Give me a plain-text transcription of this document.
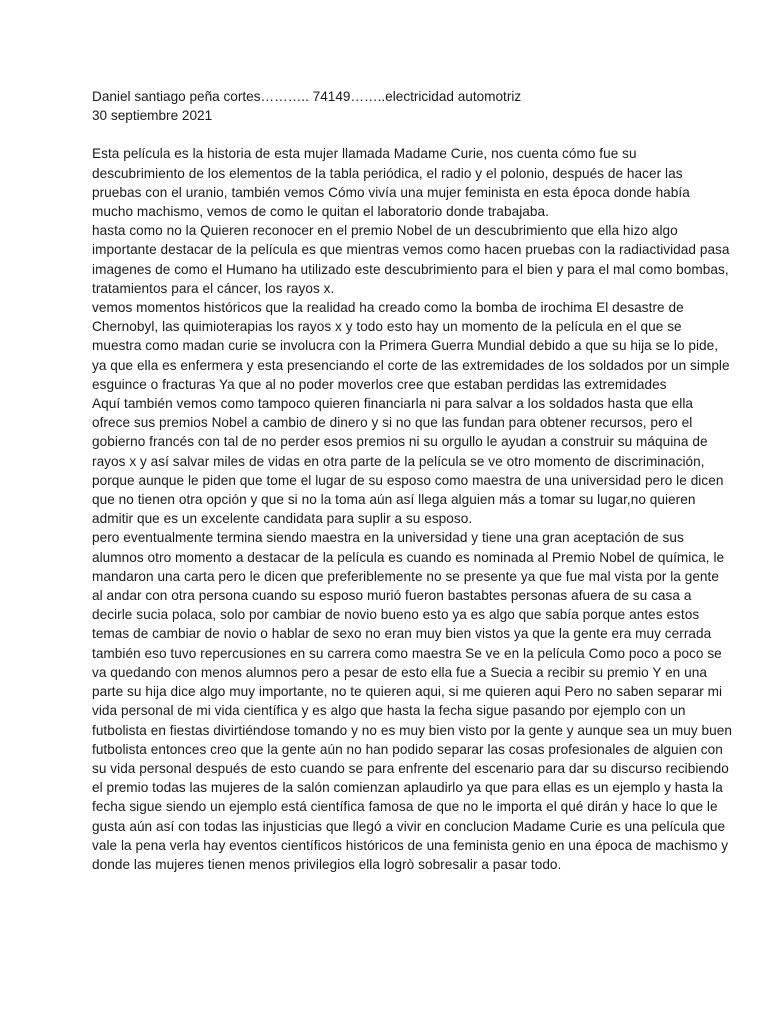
Daniel santiago peña cortes……….. 74149……..electricidad automotriz
30 septiembre 2021

Esta película es la historia de esta mujer llamada Madame Curie, nos cuenta cómo fue su descubrimiento de los elementos de la tabla periódica, el radio y el polonio, después de hacer las pruebas con el uranio, también vemos Cómo vivía una mujer feminista en esta época donde había mucho machismo, vemos de como le quitan el laboratorio donde trabajaba.

hasta como no la Quieren reconocer en el premio Nobel de un descubrimiento que ella hizo algo importante destacar de la película es que mientras vemos como hacen pruebas con la radiactividad pasa imagenes de como el Humano ha utilizado este descubrimiento para el bien y para el mal como bombas, tratamientos para el cáncer, los rayos x.

vemos momentos históricos que la realidad ha creado como la bomba de irochima El desastre de Chernobyl, las quimioterapias los rayos x y todo esto hay un momento de la película en el que se muestra como madan curie se involucra con la Primera Guerra Mundial debido a que su hija se lo pide, ya que ella es enfermera y esta presenciando el corte de las extremidades de los soldados por un simple esguince o fracturas Ya que al no poder moverlos cree que estaban perdidas las extremidades

Aquí también vemos como tampoco quieren financiarla ni para salvar a los soldados hasta que ella ofrece sus premios Nobel a cambio de dinero y si no que las fundan para obtener recursos, pero el gobierno francés con tal de no perder esos premios ni su orgullo le ayudan a construir su máquina de rayos x y así salvar miles de vidas en otra parte de la película se ve otro momento de discriminación, porque aunque le piden que tome el lugar de su esposo como maestra de una universidad pero le dicen que no tienen otra opción y que si no la toma aún así llega alguien más a tomar su lugar,no quieren admitir que es un excelente candidata para suplir a su esposo.

pero eventualmente termina siendo maestra en la universidad y tiene una gran aceptación de sus alumnos otro momento a destacar de la película es cuando es nominada al Premio Nobel de química, le mandaron una carta pero le dicen que preferiblemente no se presente ya que fue mal vista por la gente al andar con otra persona cuando su esposo murió fueron bastabtes personas afuera de su casa a decirle sucia polaca, solo por cambiar de novio bueno esto ya es algo que sabía porque antes estos temas de cambiar de novio o hablar de sexo no eran muy bien vistos ya que la gente era muy cerrada

también eso tuvo repercusiones en su carrera como maestra Se ve en la película Como poco a poco se va quedando con menos alumnos pero a pesar de esto ella fue a Suecia a recibir su premio Y en una parte su hija dice algo muy importante, no te quieren aqui, si me quieren aqui Pero no saben separar mi vida personal de mi vida científica y es algo que hasta la fecha sigue pasando por ejemplo con un futbolista en fiestas divirtiéndose tomando y no es muy bien visto por la gente y aunque sea un muy buen futbolista entonces creo que la gente aún no han podido separar las cosas profesionales de alguien con su vida personal después de esto cuando se para enfrente del escenario para dar su discurso recibiendo el premio todas las mujeres de la salón comienzan aplaudirlo ya que para ellas es un ejemplo y hasta la fecha sigue siendo un ejemplo está científica famosa de que no le importa el qué dirán y hace lo que le gusta aún así con todas las injusticias que llegó a vivir en conclucion Madame Curie es una película que vale la pena verla hay eventos científicos históricos de una feminista genio en una época de machismo y donde las mujeres tienen menos privilegios ella logrò sobresalir a pasar todo.
